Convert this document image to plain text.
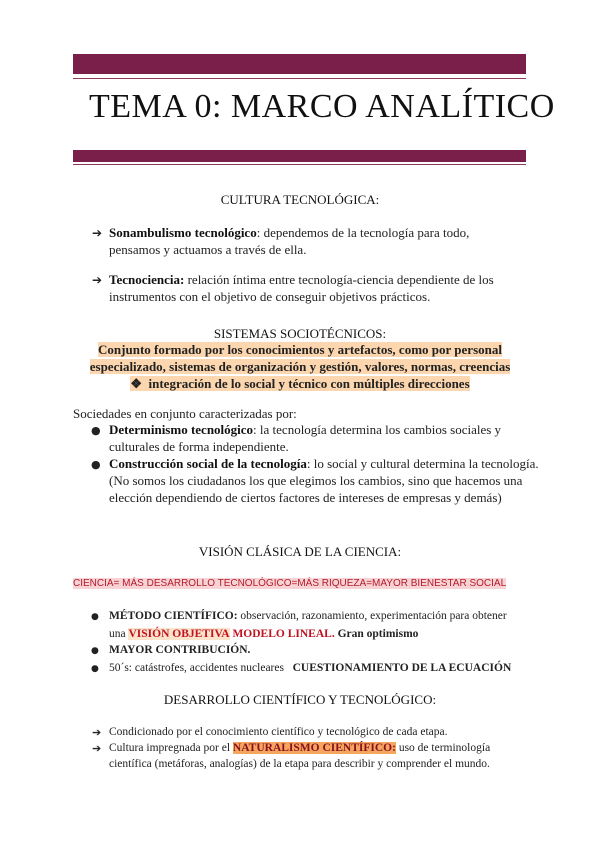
TEMA 0: MARCO ANALÍTICO
CULTURA TECNOLÓGICA:
➔ Sonambulismo tecnológico : dependemos de la tecnología para todo,
pensamos y actuamos a través de ella.
➔ Tecnociencia: relación íntima entre tecnología-ciencia dependiente de los
instrumentos con el objetivo de conseguir objetivos prácticos.
SISTEMAS SOCIOTÉCNICOS:
Conjunto formado por los conocimientos y artefactos, como por personal
especializado, sistemas de organización y gestión, valores, normas, creencias
❖ integración de lo social y técnico con múltiples direcciones
Sociedades en conjunto caracterizadas por:
● Determinismo tecnológico: la tecnología determina los cambios sociales y
culturales de forma independiente.
● Construcción social de la tecnología: lo social y cultural determina la tecnología.
(No somos los ciudadanos los que elegimos los cambios, sino que hacemos una
elección dependiendo de ciertos factores de intereses de empresas y demás)
VISIÓN CLÁSICA DE LA CIENCIA:
CIENCIA= MÁS DESARROLLO TECNOLÓGICO=MÁS RIQUEZA=MAYOR BIENESTAR SOCIAL
● MÉTODO CIENTÍFICO: observación, razonamiento, experimentación para obtener
una VISIÓN OBJETIVA MODELO LINEAL. Gran optimismo
● MAYOR CONTRIBUCIÓN.
● 50´s: catástrofes, accidentes nucleares CUESTIONAMIENTO DE LA ECUACIÓN
DESARROLLO CIENTÍFICO Y TECNOLÓGICO:
➔ Condicionado por el conocimiento científico y tecnológico de cada etapa.
➔ Cultura impregnada por el NATURALISMO CIENTÍFICO: uso de terminología
científica (metáforas, analogías) de la etapa para describir y comprender el mundo.
